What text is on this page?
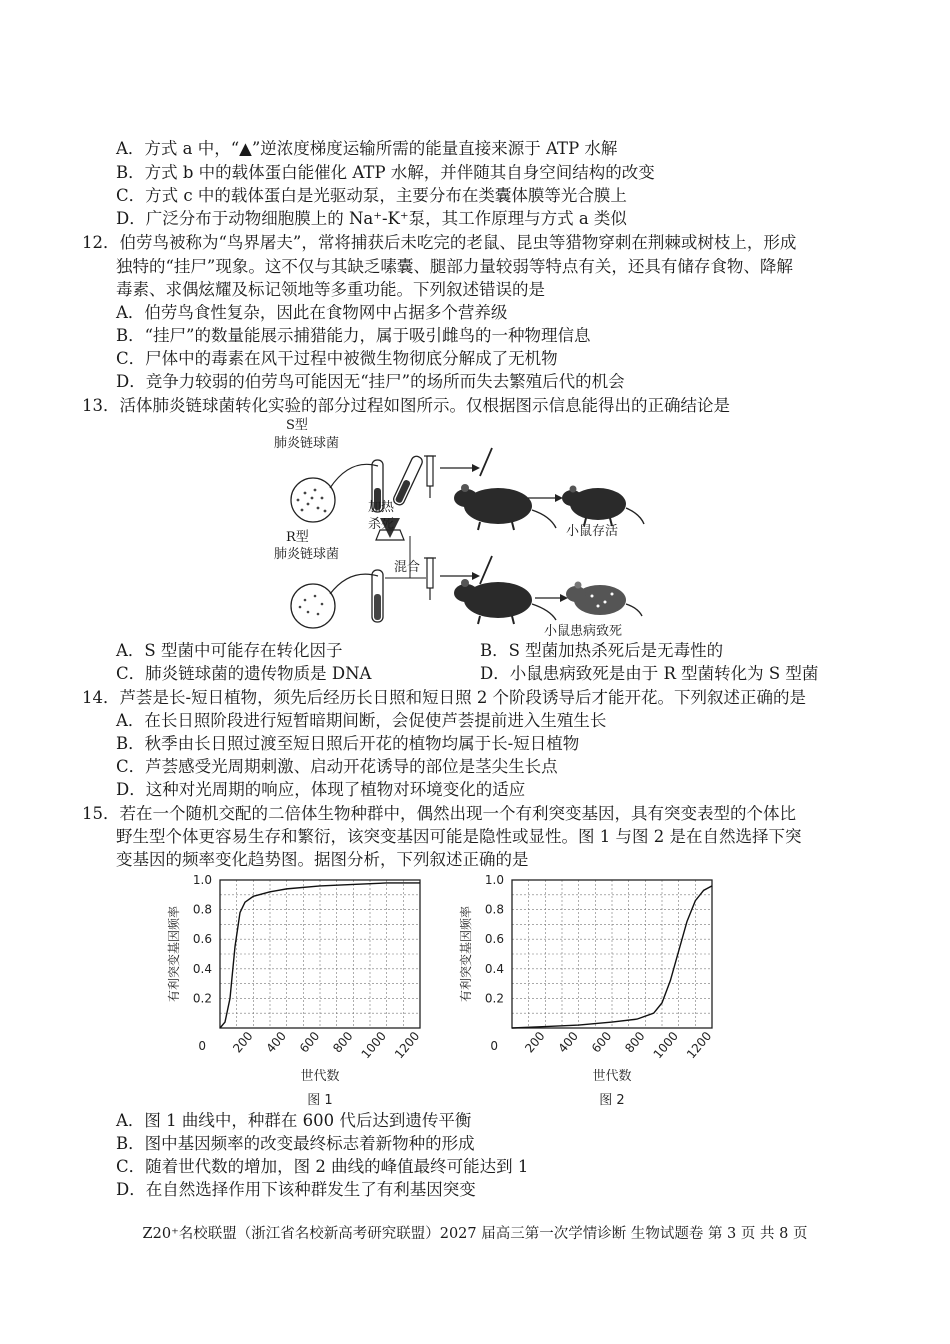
A．方式 a 中，“▲”逆浓度梯度运输所需的能量直接来源于 ATP 水解
B．方式 b 中的载体蛋白能催化 ATP 水解，并伴随其自身空间结构的改变
C．方式 c 中的载体蛋白是光驱动泵，主要分布在类囊体膜等光合膜上
D．广泛分布于动物细胞膜上的 Na⁺-K⁺泵，其工作原理与方式 a 类似
12．伯劳鸟被称为“鸟界屠夫”，常将捕获后未吃完的老鼠、昆虫等猎物穿刺在荆棘或树枝上，形成
独特的“挂尸”现象。这不仅与其缺乏嗉囊、腿部力量较弱等特点有关，还具有储存食物、降解
毒素、求偶炫耀及标记领地等多重功能。下列叙述错误的是
A．伯劳鸟食性复杂，因此在食物网中占据多个营养级
B．“挂尸”的数量能展示捕猎能力，属于吸引雌鸟的一种物理信息
C．尸体中的毒素在风干过程中被微生物彻底分解成了无机物
D．竞争力较弱的伯劳鸟可能因无“挂尸”的场所而失去繁殖后代的机会
13．活体肺炎链球菌转化实验的部分过程如图所示。仅根据图示信息能得出的正确结论是
S型
肺炎链球菌
加热
杀死	小鼠存活
R型
肺炎链球菌
混合
小鼠患病致死
A．S 型菌中可能存在转化因子	B．S 型菌加热杀死后是无毒性的
C．肺炎链球菌的遗传物质是 DNA	D．小鼠患病致死是由于 R 型菌转化为 S 型菌
14．芦荟是长-短日植物，须先后经历长日照和短日照 2 个阶段诱导后才能开花。下列叙述正确的是
A．在长日照阶段进行短暂暗期间断，会促使芦荟提前进入生殖生长
B．秋季由长日照过渡至短日照后开花的植物均属于长-短日植物
C．芦荟感受光周期刺激、启动开花诱导的部位是茎尖生长点
D．这种对光周期的响应，体现了植物对环境变化的适应
15．若在一个随机交配的二倍体生物种群中，偶然出现一个有利突变基因，具有突变表型的个体比
野生型个体更容易生存和繁衍，该突变基因可能是隐性或显性。图 1 与图 2 是在自然选择下突
变基因的频率变化趋势图。据图分析，下列叙述正确的是
0.2
0.4
0.6
0.8
1.0
0 200 400 600 800 1000 1200
有利突变基因频率
世代数
图 1
0.2
0.4
0.6
0.8
1.0
0 200 400 600 800 1000 1200
有利突变基因频率
世代数
图 2
A．图 1 曲线中，种群在 600 代后达到遗传平衡
B．图中基因频率的改变最终标志着新物种的形成
C．随着世代数的增加，图 2 曲线的峰值最终可能达到 1
D．在自然选择作用下该种群发生了有利基因突变
Z20⁺名校联盟（浙江省名校新高考研究联盟）2027 届高三第一次学情诊断 生物试题卷 第 3 页 共 8 页
